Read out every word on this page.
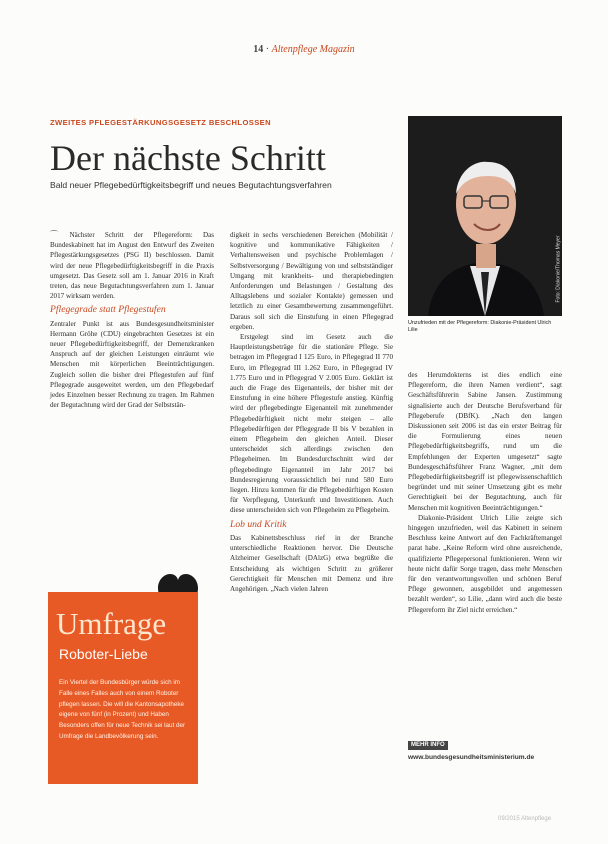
14 · Altenpflege Magazin
ZWEITES PFLEGESTÄRKUNGSGESETZ BESCHLOSSEN
Der nächste Schritt
Bald neuer Pflegebedürftigkeitsbegriff und neues Begutachtungsverfahren

⌒ Nächster Schritt der Pflegereform: Das Bundeskabinett hat im August den Entwurf des Zweiten Pflegestärkungsgesetzes (PSG II) beschlossen. Damit wird der neue Pflegebedürftigkeitsbegriff in die Praxis umgesetzt. Das Gesetz soll am 1. Januar 2016 in Kraft treten, das neue Begutachtungsverfahren zum 1. Januar 2017 wirksam werden.

Pflegegrade statt Pflegestufen

Zentraler Punkt ist aus Bundesgesundheitsminister Hermann Gröhe (CDU) eingebrachten Gesetzes ist ein neuer Pflegebedürftigkeitsbegriff, der Demenzkranken Anspruch auf der gleichen Leistungen einräumt wie Menschen mit körperlichen Beeinträchtigungen. Zugleich sollen die bisher drei Pflegestufen auf fünf Pflegegrade ausgeweitet werden, um den Pflegebedarf jedes Einzelnen besser Rechnung zu tragen. Im Rahmen der Begutachtung wird der Grad der Selbststän-

digkeit in sechs verschiedenen Bereichen (Mobilität / kognitive und kommunikative Fähigkeiten / Verhaltensweisen und psychische Problemlagen / Selbstversorgung / Bewältigung von und selbstständiger Umgang mit krankheits- und therapiebedingten Anforderungen und Belastungen / Gestaltung des Alltagslebens und sozialer Kontakte) gemessen und letztlich zu einer Gesamtbewertung zusammengeführt. Daraus soll sich die Einstufung in einen Pflegegrad ergeben.

Erstgelegt sind im Gesetz auch die Hauptleistungsbeträge für die stationäre Pflege. Sie betragen im Pflegegrad I 125 Euro, in Pflegegrad II 770 Euro, im Pflegegrad III 1.262 Euro, in Pflegegrad IV 1.775 Euro und in Pflegegrad V 2.005 Euro. Geklärt ist auch die Frage des Eigenanteils, der bisher mit der Einstufung in eine höhere Pflegestufe anstieg. Künftig wird der pflegebedingte Eigenanteil mit zunehmender Pflegebedürftigkeit nicht mehr steigen – alle Pflegebedürftigen der Pflegegrade II bis V bezahlen in einem Pflegeheim den gleichen Anteil. Dieser unterscheidet sich allerdings zwischen den Pflegeheimen. Im Bundesdurchschnitt wird der pflegebedingte Eigenanteil im Jahr 2017 bei Bundesregierung voraussichtlich bei rund 580 Euro liegen. Hinzu kommen für die Pflegebedürftigen Kosten für Verpflegung, Unterkunft und Investitionen. Auch diese unterscheiden sich von Pflegeheim zu Pflegeheim.

Lob und Kritik

Das Kabinettsbeschluss rief in der Branche unterschiedliche Reaktionen hervor. Die Deutsche Alzheimer Gesellschaft (DAlzG) etwa begrüßte die Entscheidung als wichtigen Schritt zu größerer Gerechtigkeit für Menschen mit Demenz und ihre Angehörigen. „Nach vielen Jahren

Foto: Diakonie/Thomas Meyer
Unzufrieden mit der Pflegereform: Diakonie-Präsident Ulrich Lilie

des Herumdokterns ist dies endlich eine Pflegereform, die ihren Namen verdient“, sagt Geschäftsführerin Sabine Jansen. Zustimmung signalisierte auch der Deutsche Berufsverband für Pflegeberufe (DBfK). „Nach den langen Diskussionen seit 2006 ist das ein erster Beitrag für die Formulierung eines neuen Pflegebedürftigkeitsbegriffs, rund um die Empfehlungen der Experten umgesetzt“ sagte Bundesgeschäftsführer Franz Wagner, „mit dem Pflegebedürftigkeitsbegriff ist pflegewissenschaftlich begründet und mit seiner Umsetzung gibt es mehr Gerechtigkeit bei der Begutachtung, auch für Menschen mit kognitiven Beeinträchtigungen.“

Diakonie-Präsident Ulrich Lilie zeigte sich hingegen unzufrieden, weil das Kabinett in seinem Beschluss keine Antwort auf den Fachkräftemangel parat habe. „Keine Reform wird ohne ausreichende, qualifizierte Pflegepersonal funktionieren. Wenn wir heute nicht dafür Sorge tragen, dass mehr Menschen für den verantwortungsvollen und schönen Beruf Pflege gewonnen, ausgebildet und angemessen bezahlt werden“, so Lilie, „dann wird auch die beste Pflegereform ihr Ziel nicht erreichen.“

Umfrage
Roboter-Liebe
Ein Viertel der Bundesbürger würde sich im Falle eines Falles auch von einem Roboter pflegen lassen. Die will die Kantonsapotheke eigene von fünf (in Prozent) und Haben Besonders offen für neue Technik sei laut der Umfrage die Landbevölkerung sein.
MEHR INFO
www.bundesgesundheitsministerium.de
09/2015 Altenpflege
